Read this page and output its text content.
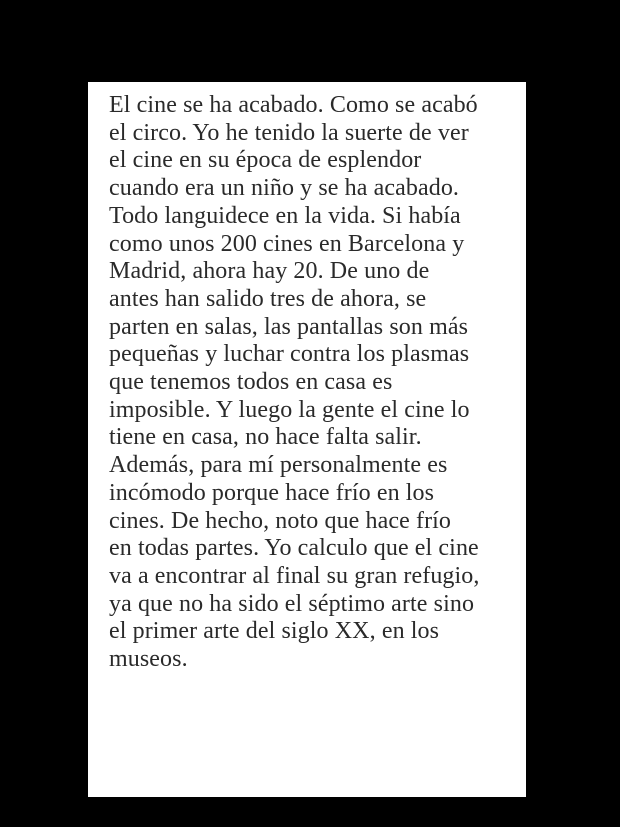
El cine se ha acabado. Como se acabó
el circo. Yo he tenido la suerte de ver
el cine en su época de esplendor
cuando era un niño y se ha acabado.
Todo languidece en la vida. Si había
como unos 200 cines en Barcelona y
Madrid, ahora hay 20. De uno de
antes han salido tres de ahora, se
parten en salas, las pantallas son más
pequeñas y luchar contra los plasmas
que tenemos todos en casa es
imposible. Y luego la gente el cine lo
tiene en casa, no hace falta salir.
Además, para mí personalmente es
incómodo porque hace frío en los
cines. De hecho, noto que hace frío
en todas partes. Yo calculo que el cine
va a encontrar al final su gran refugio,
ya que no ha sido el séptimo arte sino
el primer arte del siglo XX, en los
museos.
